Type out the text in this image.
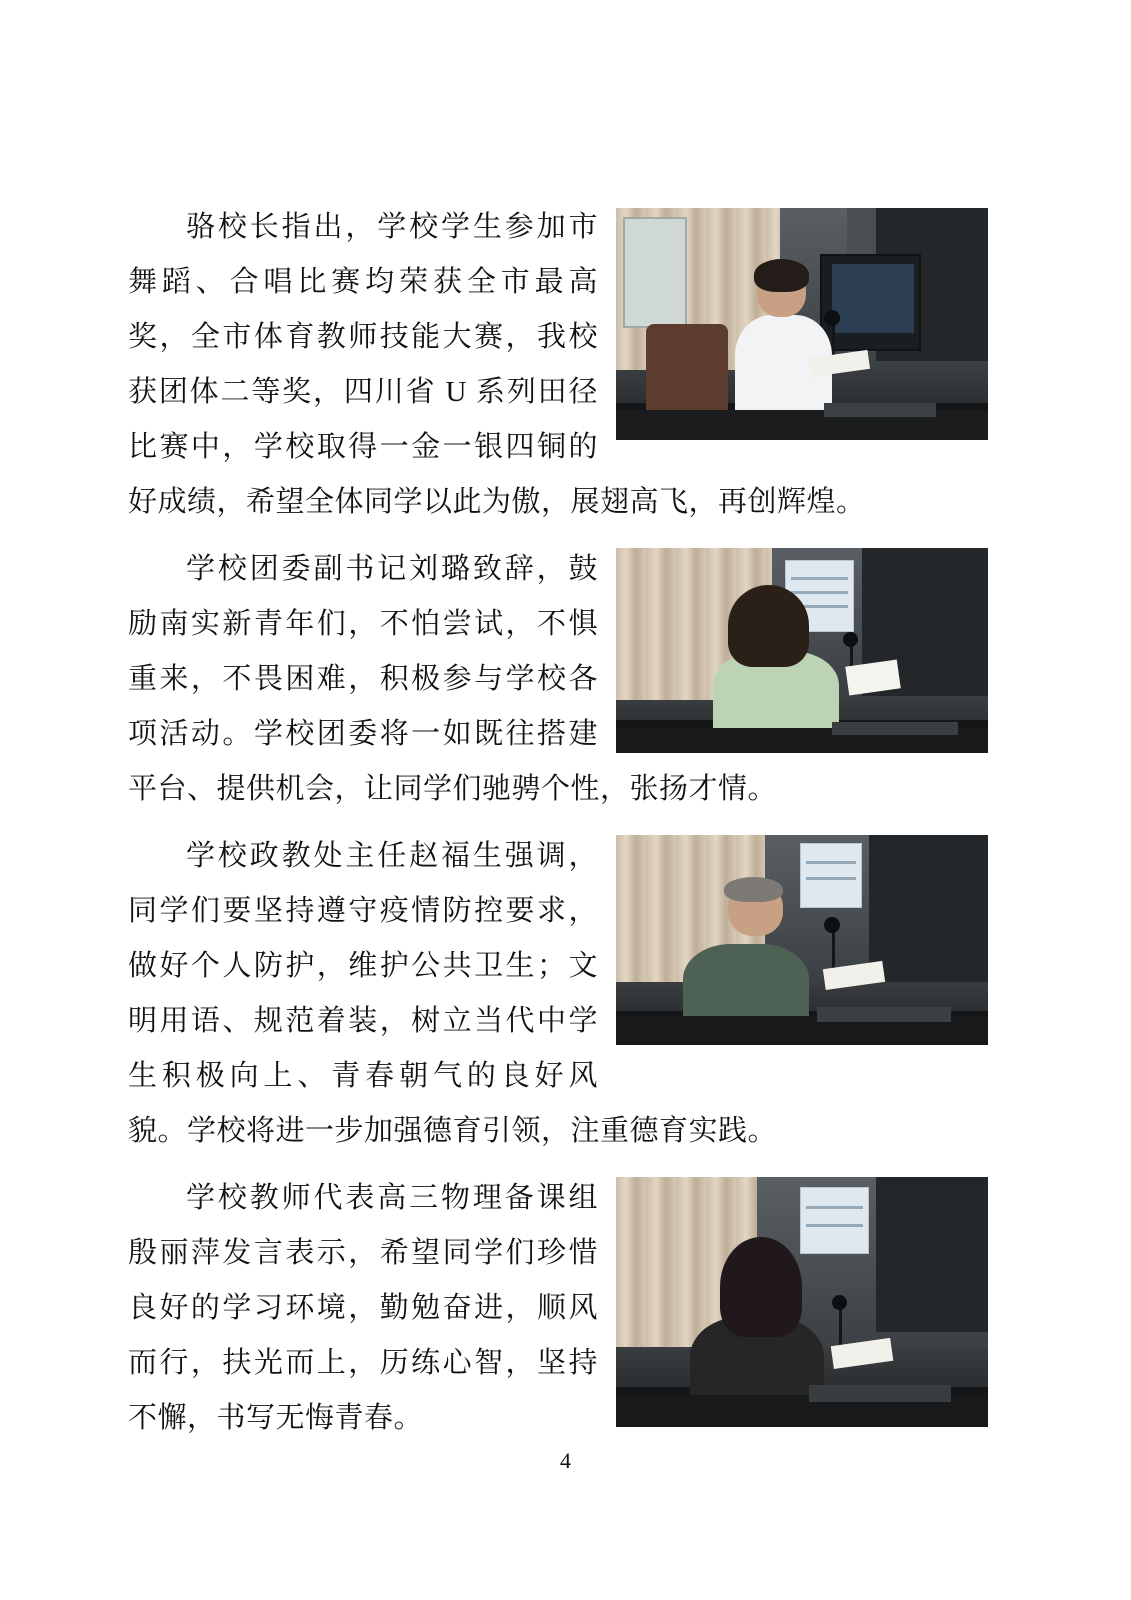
骆校长指出，学校学生参加市舞蹈、合唱比赛均荣获全市最高奖，全市体育教师技能大赛，我校获团体二等奖，四川省 U 系列田径比赛中，学校取得一金一银四铜的好成绩，希望全体同学以此为傲，展翅高飞，再创辉煌。

学校团委副书记刘璐致辞，鼓励南实新青年们，不怕尝试，不惧重来，不畏困难，积极参与学校各项活动。学校团委将一如既往搭建平台、提供机会，让同学们驰骋个性，张扬才情。

学校政教处主任赵福生强调，同学们要坚持遵守疫情防控要求，做好个人防护，维护公共卫生；文明用语、规范着装，树立当代中学生积极向上、青春朝气的良好风貌。学校将进一步加强德育引领，注重德育实践。

学校教师代表高三物理备课组殷丽萍发言表示，希望同学们珍惜良好的学习环境，勤勉奋进，顺风而行，扶光而上，历练心智，坚持不懈，书写无悔青春。

4
